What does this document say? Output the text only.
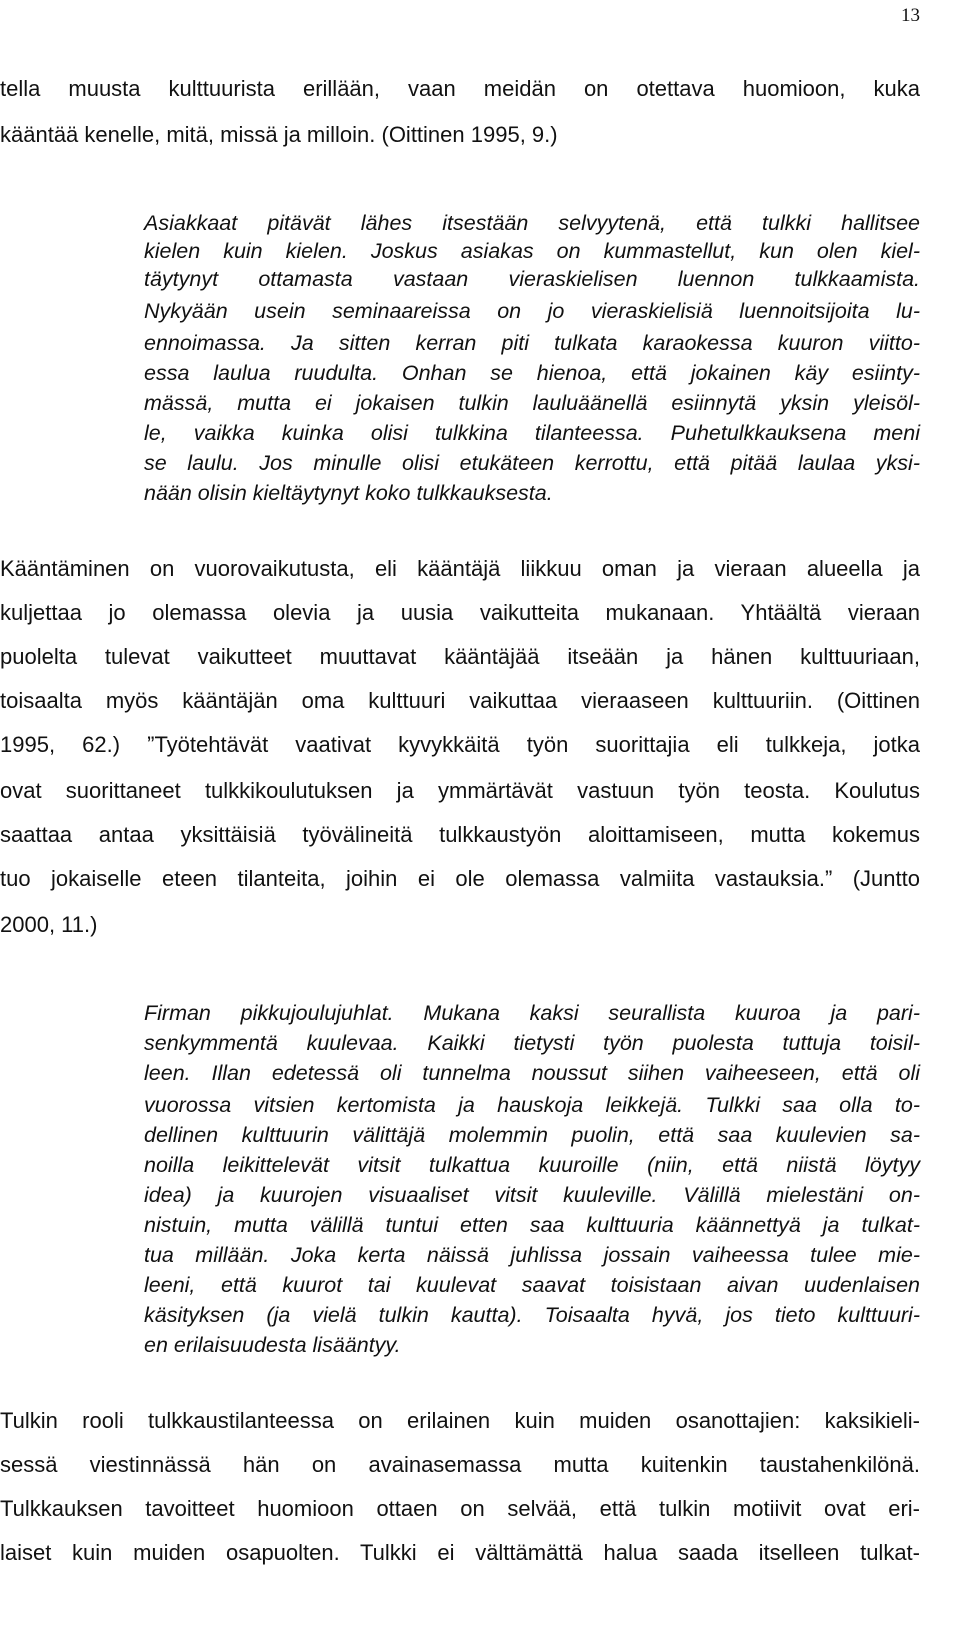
13
tella muusta kulttuurista erillään, vaan meidän on otettava huomioon, kuka
kääntää kenelle, mitä, missä ja milloin. (Oittinen 1995, 9.)
Asiakkaat pitävät lähes itsestään selvyytenä, että tulkki hallitsee
kielen kuin kielen. Joskus asiakas on kummastellut, kun olen kiel-
täytynyt ottamasta vastaan vieraskielisen luennon tulkkaamista.
Nykyään usein seminaareissa on jo vieraskielisiä luennoitsijoita lu-
ennoimassa. Ja sitten kerran piti tulkata karaokessa kuuron viitto-
essa laulua ruudulta. Onhan se hienoa, että jokainen käy esiinty-
mässä, mutta ei jokaisen tulkin lauluäänellä esiinnytä yksin yleisöl-
le, vaikka kuinka olisi tulkkina tilanteessa. Puhetulkkauksena meni
se laulu. Jos minulle olisi etukäteen kerrottu, että pitää laulaa yksi-
nään olisin kieltäytynyt koko tulkkauksesta.
Kääntäminen on vuorovaikutusta, eli kääntäjä liikkuu oman ja vieraan alueella ja
kuljettaa jo olemassa olevia ja uusia vaikutteita mukanaan. Yhtäältä vieraan
puolelta tulevat vaikutteet muuttavat kääntäjää itseään ja hänen kulttuuriaan,
toisaalta myös kääntäjän oma kulttuuri vaikuttaa vieraaseen kulttuuriin. (Oittinen
1995, 62.) ”Työtehtävät vaativat kyvykkäitä työn suorittajia eli tulkkeja, jotka
ovat suorittaneet tulkkikoulutuksen ja ymmärtävät vastuun työn teosta. Koulutus
saattaa antaa yksittäisiä työvälineitä tulkkaustyön aloittamiseen, mutta kokemus
tuo jokaiselle eteen tilanteita, joihin ei ole olemassa valmiita vastauksia.” (Juntto
2000, 11.)
Firman pikkujoulujuhlat. Mukana kaksi seurallista kuuroa ja pari-
senkymmentä kuulevaa. Kaikki tietysti työn puolesta tuttuja toisil-
leen. Illan edetessä oli tunnelma noussut siihen vaiheeseen, että oli
vuorossa vitsien kertomista ja hauskoja leikkejä. Tulkki saa olla to-
dellinen kulttuurin välittäjä molemmin puolin, että saa kuulevien sa-
noilla leikittelevät vitsit tulkattua kuuroille (niin, että niistä löytyy
idea) ja kuurojen visuaaliset vitsit kuuleville. Välillä mielestäni on-
nistuin, mutta välillä tuntui etten saa kulttuuria käännettyä ja tulkat-
tua millään. Joka kerta näissä juhlissa jossain vaiheessa tulee mie-
leeni, että kuurot tai kuulevat saavat toisistaan aivan uudenlaisen
käsityksen (ja vielä tulkin kautta). Toisaalta hyvä, jos tieto kulttuuri-
en erilaisuudesta lisääntyy.
Tulkin rooli tulkkaustilanteessa on erilainen kuin muiden osanottajien: kaksikieli-
sessä viestinnässä hän on avainasemassa mutta kuitenkin taustahenkilönä.
Tulkkauksen tavoitteet huomioon ottaen on selvää, että tulkin motiivit ovat eri-
laiset kuin muiden osapuolten. Tulkki ei välttämättä halua saada itselleen tulkat-
